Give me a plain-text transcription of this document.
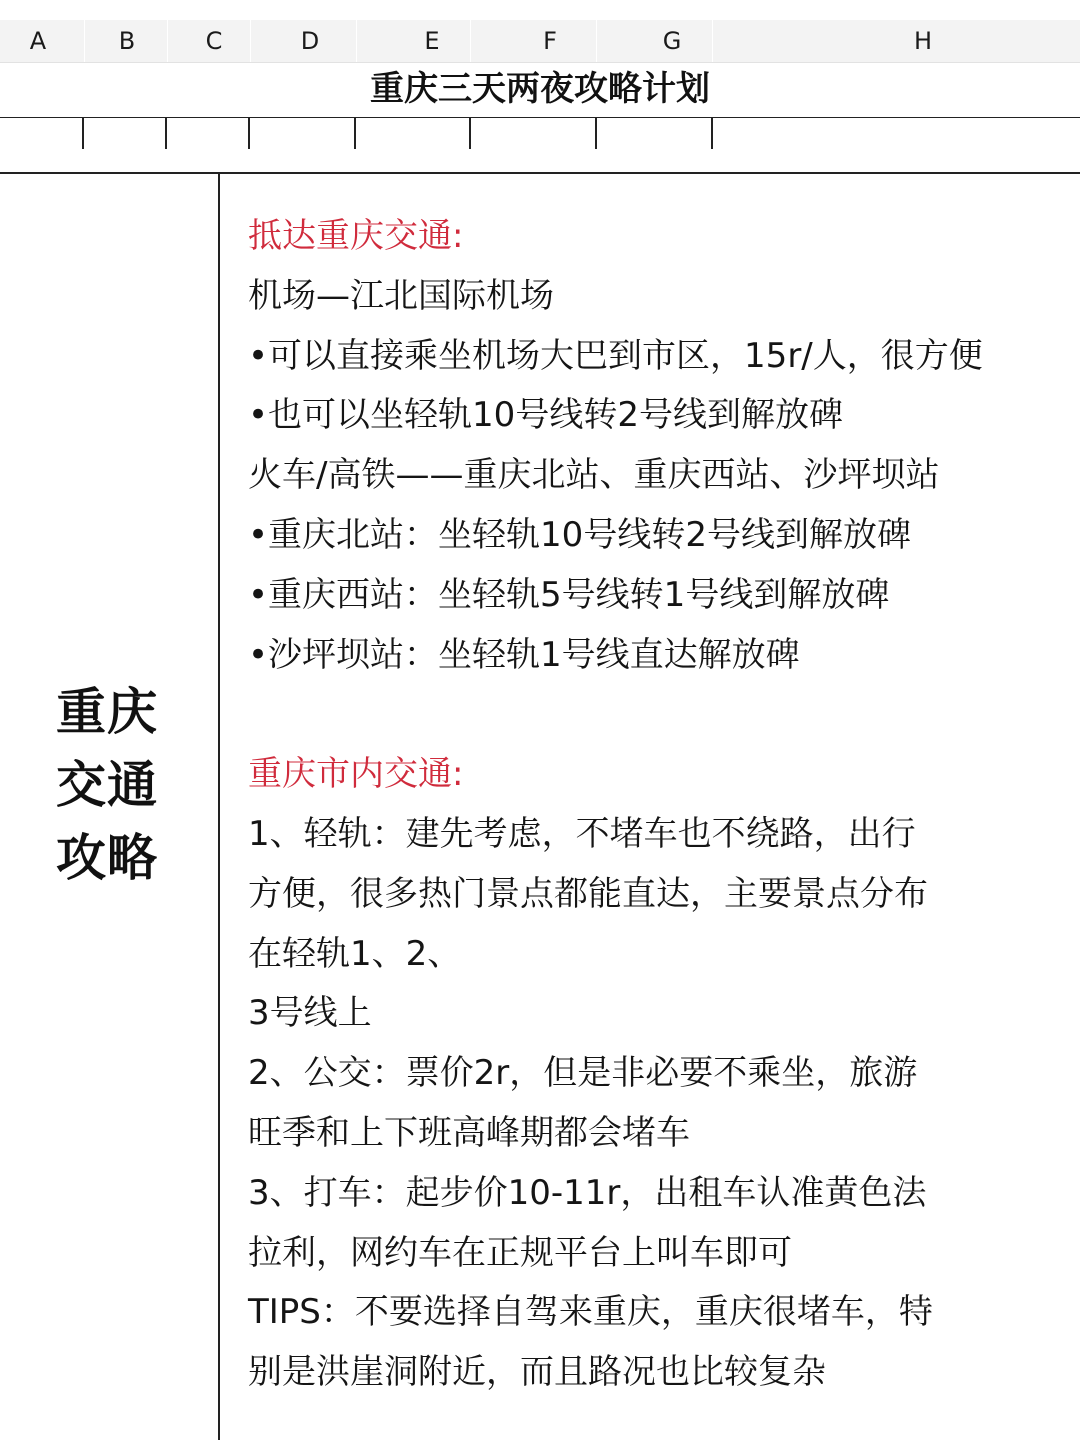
A	B	C	D	E	F	G	H
重庆三天两夜攻略计划
重庆
交通
攻略
抵达重庆交通:
机场—江北国际机场
•可以直接乘坐机场大巴到市区，15r/人，很方便
•也可以坐轻轨10号线转2号线到解放碑
火车/高铁——重庆北站、重庆西站、沙坪坝站
•重庆北站：坐轻轨10号线转2号线到解放碑
•重庆西站：坐轻轨5号线转1号线到解放碑
•沙坪坝站：坐轻轨1号线直达解放碑
重庆市内交通:
1、轻轨：建先考虑，不堵车也不绕路，出行
方便，很多热门景点都能直达，主要景点分布
在轻轨1、2、
3号线上
2、公交：票价2r，但是非必要不乘坐，旅游
旺季和上下班高峰期都会堵车
3、打车：起步价10-11r，出租车认准黄色法
拉利，网约车在正规平台上叫车即可
TIPS：不要选择自驾来重庆，重庆很堵车，特
别是洪崖洞附近，而且路况也比较复杂
